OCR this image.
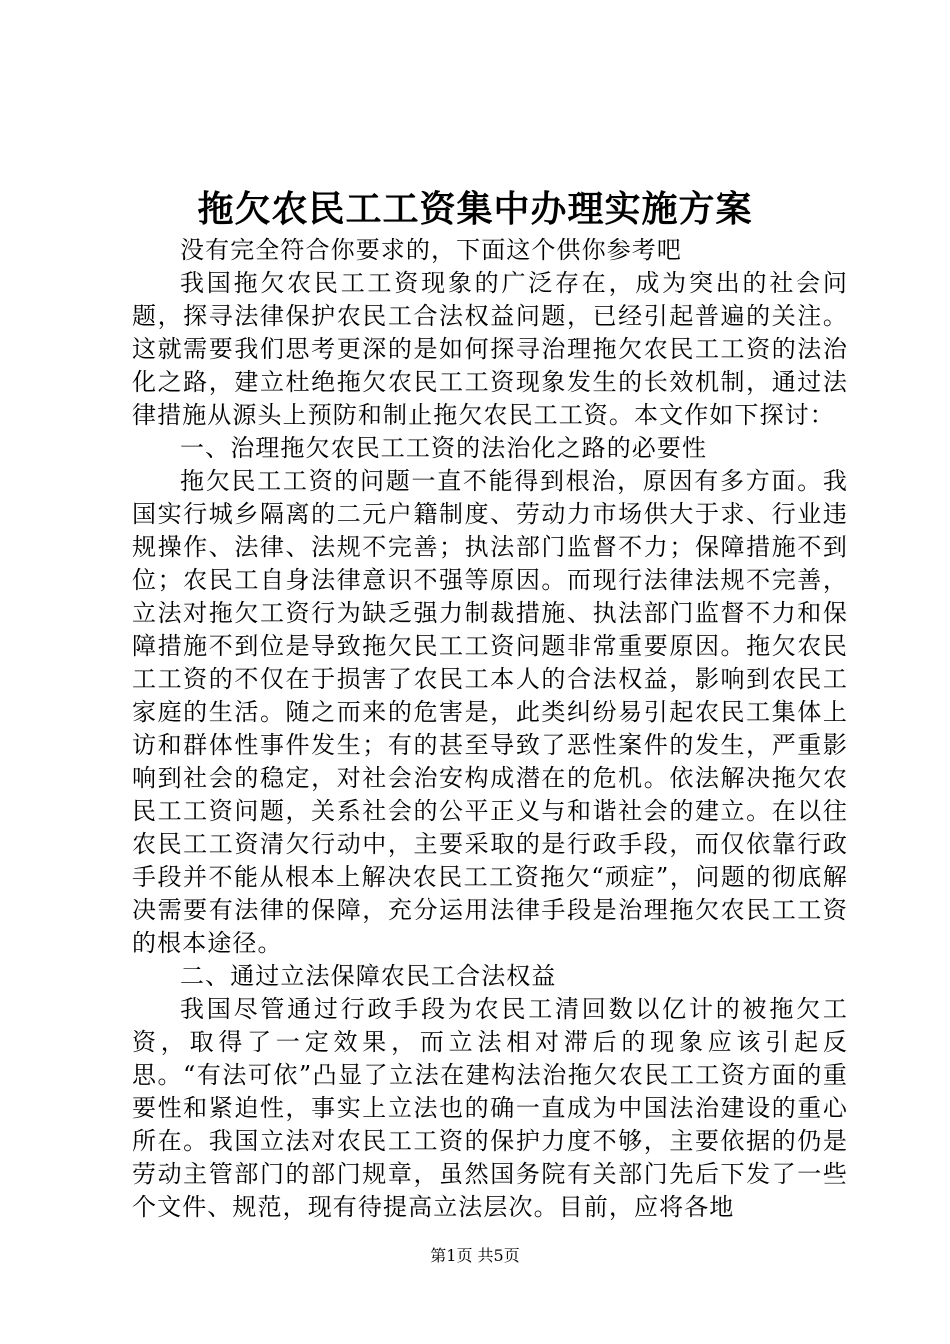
拖欠农民工工资集中办理实施方案

没有完全符合你要求的，下面这个供你参考吧

我国拖欠农民工工资现象的广泛存在，成为突出的社会问题，探寻法律保护农民工合法权益问题，已经引起普遍的关注。这就需要我们思考更深的是如何探寻治理拖欠农民工工资的法治化之路，建立杜绝拖欠农民工工资现象发生的长效机制，通过法律措施从源头上预防和制止拖欠农民工工资。本文作如下探讨：

一、治理拖欠农民工工资的法治化之路的必要性

拖欠民工工资的问题一直不能得到根治，原因有多方面。我国实行城乡隔离的二元户籍制度、劳动力市场供大于求、行业违规操作、法律、法规不完善；执法部门监督不力；保障措施不到位；农民工自身法律意识不强等原因。而现行法律法规不完善，立法对拖欠工资行为缺乏强力制裁措施、执法部门监督不力和保障措施不到位是导致拖欠民工工资问题非常重要原因。拖欠农民工工资的不仅在于损害了农民工本人的合法权益，影响到农民工家庭的生活。随之而来的危害是，此类纠纷易引起农民工集体上访和群体性事件发生；有的甚至导致了恶性案件的发生，严重影响到社会的稳定，对社会治安构成潜在的危机。依法解决拖欠农民工工资问题，关系社会的公平正义与和谐社会的建立。在以往农民工工资清欠行动中，主要采取的是行政手段，而仅依靠行政手段并不能从根本上解决农民工工资拖欠“顽症”，问题的彻底解决需要有法律的保障，充分运用法律手段是治理拖欠农民工工资的根本途径。

二、通过立法保障农民工合法权益

我国尽管通过行政手段为农民工清回数以亿计的被拖欠工资，取得了一定效果，而立法相对滞后的现象应该引起反思。“有法可依”凸显了立法在建构法治拖欠农民工工资方面的重要性和紧迫性，事实上立法也的确一直成为中国法治建设的重心所在。我国立法对农民工工资的保护力度不够，主要依据的仍是劳动主管部门的部门规章，虽然国务院有关部门先后下发了一些个文件、规范，现有待提高立法层次。目前，应将各地

第1页 共5页
